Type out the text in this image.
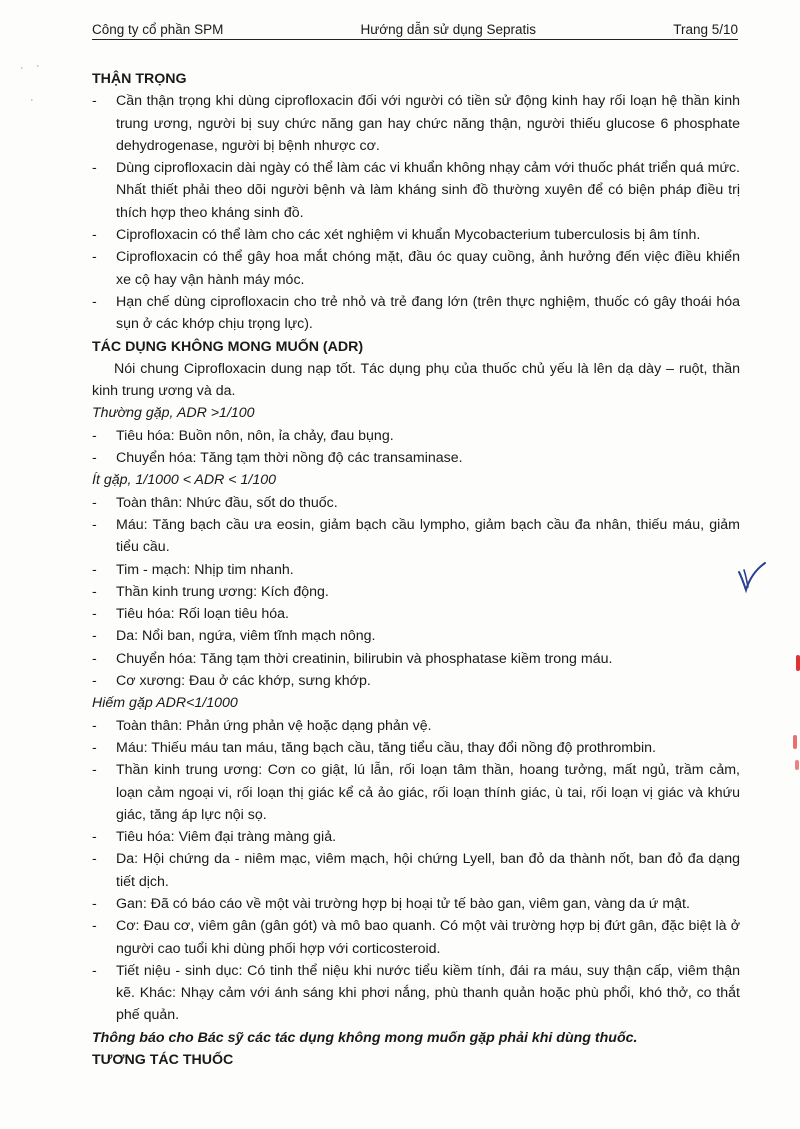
Công ty cổ phần SPM	Hướng dẫn sử dụng Sepratis	Trang 5/10

THẬN TRỌNG

- Cần thận trọng khi dùng ciprofloxacin đối với người có tiền sử động kinh hay rối loạn hệ thần kinh trung ương, người bị suy chức năng gan hay chức năng thận, người thiếu glucose 6 phosphate dehydrogenase, người bị bệnh nhược cơ.
- Dùng ciprofloxacin dài ngày có thể làm các vi khuẩn không nhạy cảm với thuốc phát triển quá mức. Nhất thiết phải theo dõi người bệnh và làm kháng sinh đồ thường xuyên để có biện pháp điều trị thích hợp theo kháng sinh đồ.
- Ciprofloxacin có thể làm cho các xét nghiệm vi khuẩn Mycobacterium tuberculosis bị âm tính.
- Ciprofloxacin có thể gây hoa mắt chóng mặt, đầu óc quay cuồng, ảnh hưởng đến việc điều khiển xe cộ hay vận hành máy móc.
- Hạn chế dùng ciprofloxacin cho trẻ nhỏ và trẻ đang lớn (trên thực nghiệm, thuốc có gây thoái hóa sụn ở các khớp chịu trọng lực).

TÁC DỤNG KHÔNG MONG MUỐN (ADR)

Nói chung Ciprofloxacin dung nạp tốt. Tác dụng phụ của thuốc chủ yếu là lên dạ dày – ruột, thần kinh trung ương và da.

Thường gặp, ADR >1/100

- Tiêu hóa: Buồn nôn, nôn, ỉa chảy, đau bụng.
- Chuyển hóa: Tăng tạm thời nồng độ các transaminase.

Ít gặp, 1/1000 < ADR < 1/100

- Toàn thân: Nhức đầu, sốt do thuốc.
- Máu: Tăng bạch cầu ưa eosin, giảm bạch cầu lympho, giảm bạch cầu đa nhân, thiếu máu, giảm tiểu cầu.
- Tim - mạch: Nhịp tim nhanh.
- Thần kinh trung ương: Kích động.
- Tiêu hóa: Rối loạn tiêu hóa.
- Da: Nổi ban, ngứa, viêm tĩnh mạch nông.
- Chuyển hóa: Tăng tạm thời creatinin, bilirubin và phosphatase kiềm trong máu.
- Cơ xương: Đau ở các khớp, sưng khớp.

Hiếm gặp ADR<1/1000

- Toàn thân: Phản ứng phản vệ hoặc dạng phản vệ.
- Máu: Thiếu máu tan máu, tăng bạch cầu, tăng tiểu cầu, thay đổi nồng độ prothrombin.
- Thần kinh trung ương: Cơn co giật, lú lẫn, rối loạn tâm thần, hoang tưởng, mất ngủ, trầm cảm, loạn cảm ngoại vi, rối loạn thị giác kể cả ảo giác, rối loạn thính giác, ù tai, rối loạn vị giác và khứu giác, tăng áp lực nội sọ.
- Tiêu hóa: Viêm đại tràng màng giả.
- Da: Hội chứng da - niêm mạc, viêm mạch, hội chứng Lyell, ban đỏ da thành nốt, ban đỏ đa dạng tiết dịch.
- Gan: Đã có báo cáo về một vài trường hợp bị hoại tử tế bào gan, viêm gan, vàng da ứ mật.
- Cơ: Đau cơ, viêm gân (gân gót) và mô bao quanh. Có một vài trường hợp bị đứt gân, đặc biệt là ở người cao tuổi khi dùng phối hợp với corticosteroid.
- Tiết niệu - sinh dục: Có tinh thể niệu khi nước tiểu kiềm tính, đái ra máu, suy thận cấp, viêm thận kẽ. Khác: Nhạy cảm với ánh sáng khi phơi nắng, phù thanh quản hoặc phù phổi, khó thở, co thắt phế quản.

Thông báo cho Bác sỹ các tác dụng không mong muốn gặp phải khi dùng thuốc.

TƯƠNG TÁC THUỐC

· ·
·
